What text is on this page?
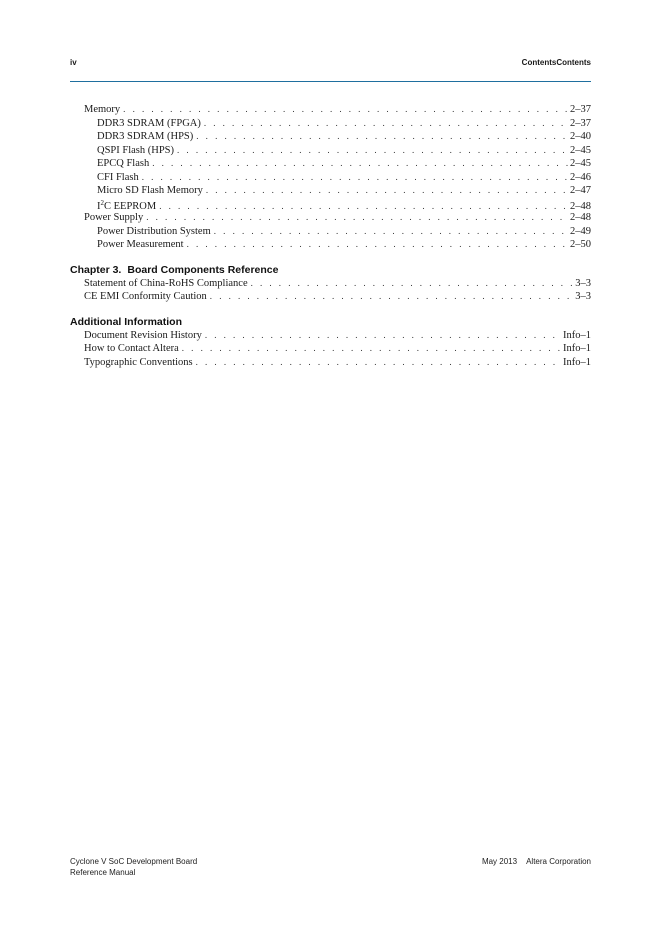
iv	ContentsContents
Memory . . .	2–37
DDR3 SDRAM (FPGA) . . .	2–37
DDR3 SDRAM (HPS) . . .	2–40
QSPI Flash (HPS) . . .	2–45
EPCQ Flash . . .	2–45
CFI Flash . . .	2–46
Micro SD Flash Memory . . .	2–47
$I^2C$ EEPROM . . .	2–48
Power Supply . . .	2–48
Power Distribution System . . .	2–49
Power Measurement . . .	2–50
Chapter 3. Board Components Reference
Statement of China-RoHS Compliance . . .	3–3
CE EMI Conformity Caution . . .	3–3
Additional Information
Document Revision History . . .	Info–1
How to Contact Altera . . .	Info–1
Typographic Conventions . . .	Info–1
Cyclone V SoC Development Board
Reference Manual
May 2013 Altera Corporation
